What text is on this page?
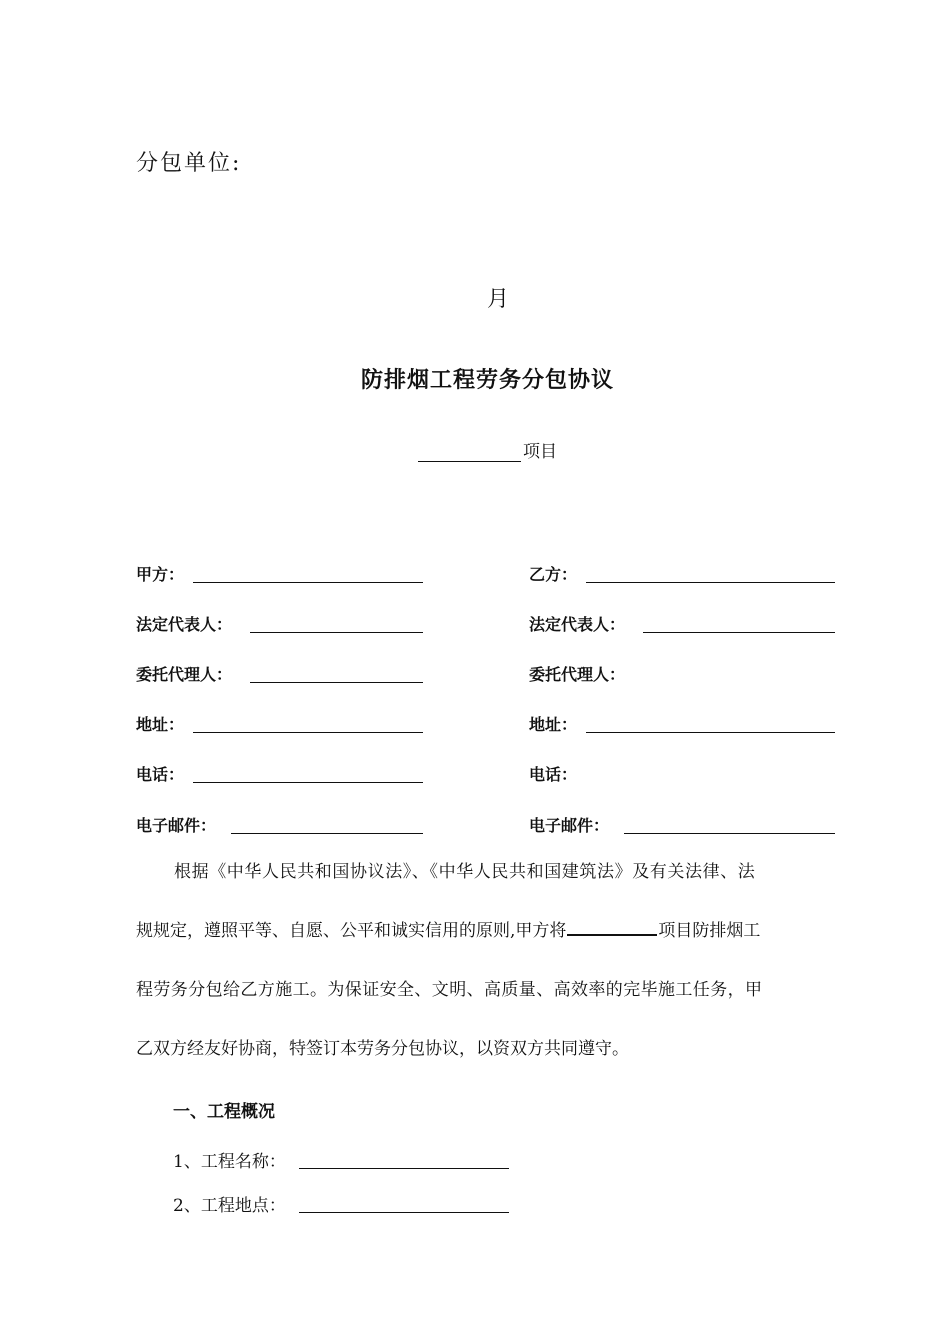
分包单位:
月
防排烟工程劳务分包协议
项目
甲方：
法定代表人：
委托代理人：
地址：
电话：
电子邮件：
乙方：
法定代表人：
委托代理人：
地址：
电话：
电子邮件：
根据《中华人民共和国协议法》、《中华人民共和国建筑法》及有关法律、法
规规定，遵照平等、自愿、公平和诚实信用的原则,甲方将	项目防排烟工
程劳务分包给乙方施工。为保证安全、文明、高质量、高效率的完毕施工任务，甲
乙双方经友好协商，特签订本劳务分包协议，以资双方共同遵守。
一、工程概况
1、工程名称：
2、工程地点：
